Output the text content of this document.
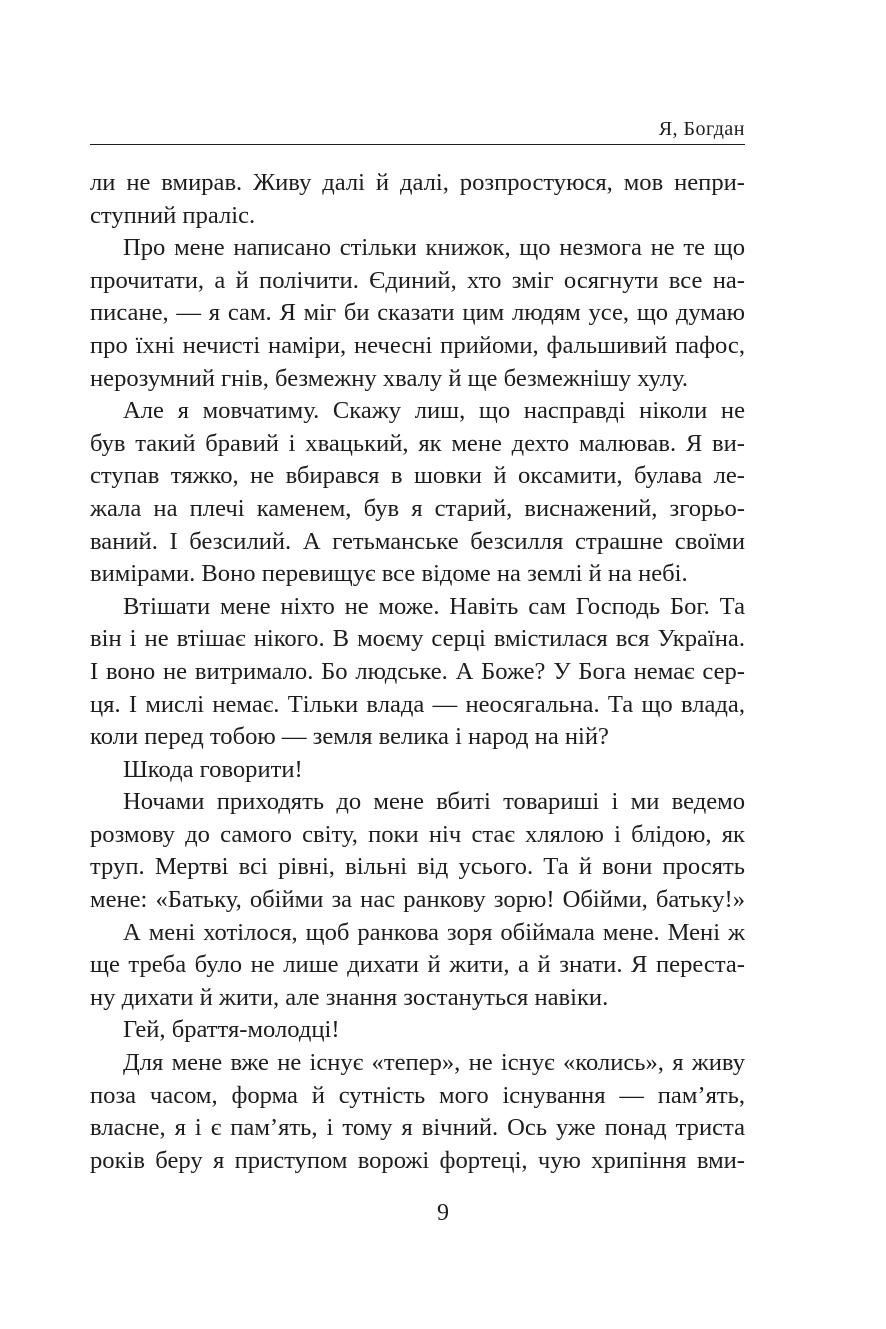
Я, Богдан
ли не вмирав. Живу далі й далі, розпростуюся, мов непри-
ступний праліс.
Про мене написано стільки книжок, що незмога не те що
прочитати, а й полічити. Єдиний, хто зміг осягнути все на-
писане, — я сам. Я міг би сказати цим людям усе, що думаю
про їхні нечисті наміри, нечесні прийоми, фальшивий пафос,
нерозумний гнів, безмежну хвалу й ще безмежнішу хулу.
Але я мовчатиму. Скажу лиш, що насправді ніколи не
був такий бравий і хвацький, як мене дехто малював. Я ви-
ступав тяжко, не вбирався в шовки й оксамити, булава ле-
жала на плечі каменем, був я старий, виснажений, згорьо-
ваний. І безсилий. А гетьманське безсилля страшне своїми
вимірами. Воно перевищує все відоме на землі й на небі.
Втішати мене ніхто не може. Навіть сам Господь Бог. Та
він і не втішає нікого. В моєму серці вмістилася вся Україна.
І воно не витримало. Бо людське. А Боже? У Бога немає сер-
ця. І мислі немає. Тільки влада — неосягальна. Та що влада,
коли перед тобою — земля велика і народ на ній?
Шкода говорити!
Ночами приходять до мене вбиті товариші і ми ведемо
розмову до самого світу, поки ніч стає хлялою і блідою, як
труп. Мертві всі рівні, вільні від усього. Та й вони просять
мене: «Батьку, обійми за нас ранкову зорю! Обійми, батьку!»
А мені хотілося, щоб ранкова зоря обіймала мене. Мені ж
ще треба було не лише дихати й жити, а й знати. Я переста-
ну дихати й жити, але знання зостануться навіки.
Гей, браття-молодці!
Для мене вже не існує «тепер», не існує «колись», я живу
поза часом, форма й сутність мого існування — пам’ять,
власне, я і є пам’ять, і тому я вічний. Ось уже понад триста
років беру я приступом ворожі фортеці, чую хрипіння вми-
9
